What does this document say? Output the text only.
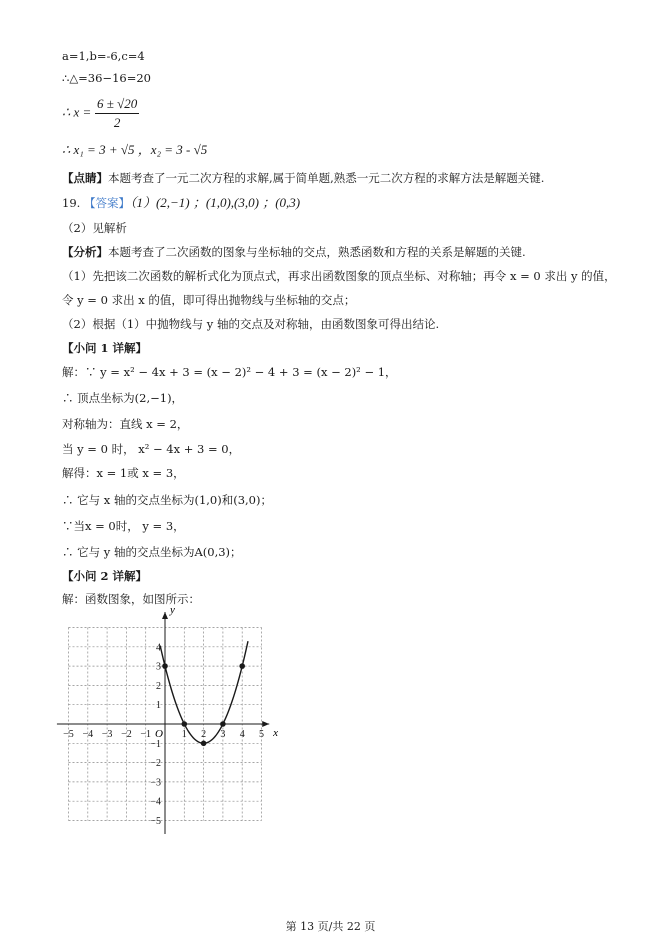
a=1,b=-6,c=4
∴△=36−16=20
∴ $x = \frac{6 \pm √20}{2}$
∴ x₁ = 3 + √5 ，x₂ = 3 - √5
【点睛】本题考查了一元二次方程的求解,属于简单题,熟悉一元二次方程的求解方法是解题关键.
19. 【答案】（1）(2,−1) ；(1,0),(3,0) ；(0,3)
（2）见解析
【分析】本题考查了二次函数的图象与坐标轴的交点，熟悉函数和方程的关系是解题的关键.
（1）先把该二次函数的解析式化为顶点式，再求出函数图象的顶点坐标、对称轴；再令 x = 0 求出 y 的值，
令 y = 0 求出 x 的值，即可得出抛物线与坐标轴的交点；
（2）根据（1）中抛物线与 y 轴的交点及对称轴，由函数图象可得出结论.
【小问 1 详解】
解：∵ y = x² − 4x + 3 = (x − 2)² − 4 + 3 = (x − 2)² − 1，
∴ 顶点坐标为(2,−1)，
对称轴为：直线 x = 2，
当 y = 0 时， x² − 4x + 3 = 0，
解得：x = 1或 x = 3，
∴ 它与 x 轴的交点坐标为(1,0)和(3,0)；
∵当x = 0时， y = 3，
∴ 它与 y 轴的交点坐标为A(0,3)；
【小问 2 详解】
解：函数图象，如图所示：
−5 −4 −3 −2 −1	1 2 3 4 5
4
3
2
1
−1
−2
−3
−4
−5
x
y
O
第 13 页/共 22 页
